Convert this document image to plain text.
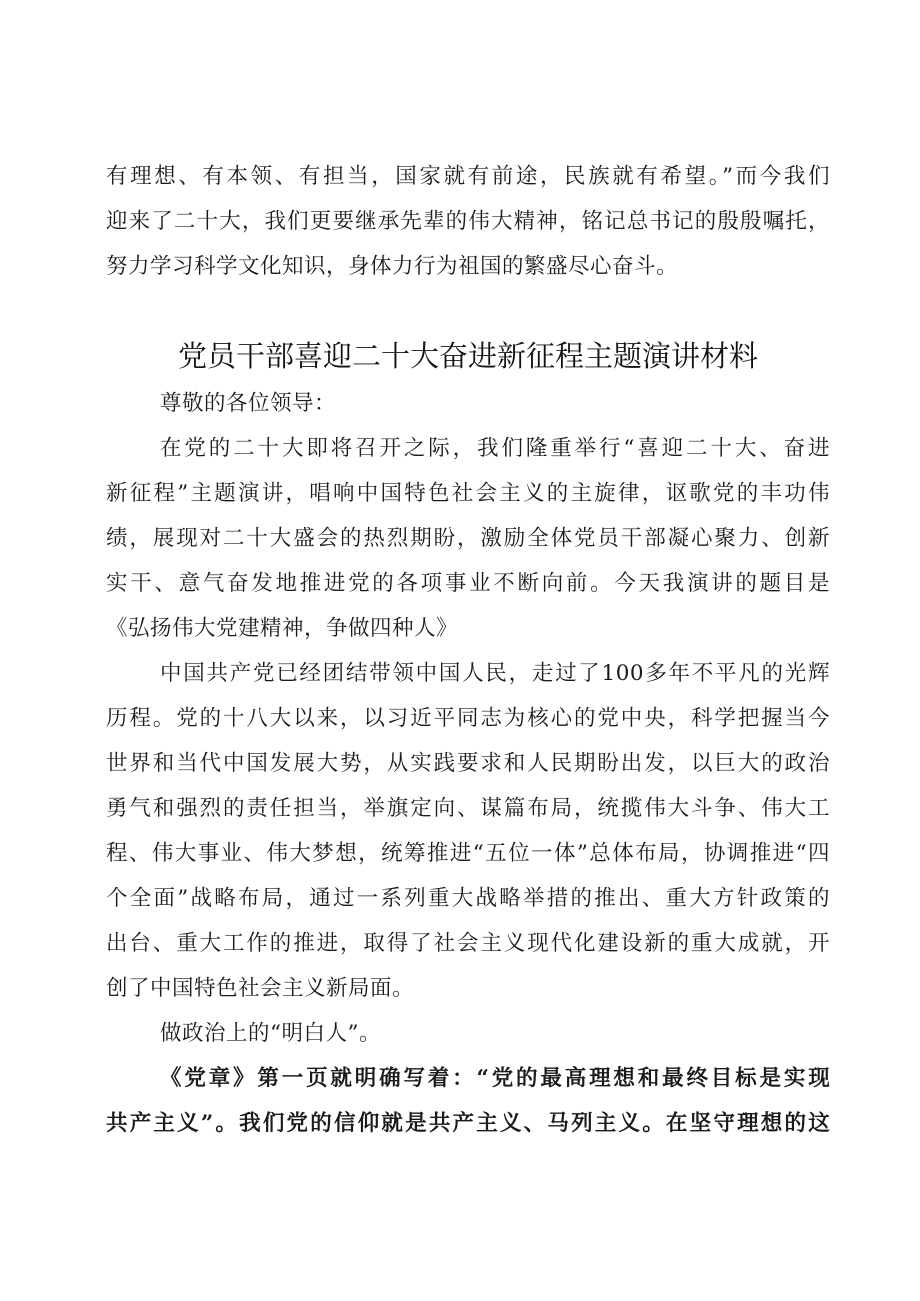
有理想、有本领、有担当，国家就有前途，民族就有希望。”而今我们
迎来了二十大，我们更要继承先辈的伟大精神，铭记总书记的殷殷嘱托，
努力学习科学文化知识，身体力行为祖国的繁盛尽心奋斗。
党员干部喜迎二十大奋进新征程主题演讲材料
尊敬的各位领导：
在党的二十大即将召开之际，我们隆重举行“喜迎二十大、奋进
新征程”主题演讲，唱响中国特色社会主义的主旋律，讴歌党的丰功伟
绩，展现对二十大盛会的热烈期盼，激励全体党员干部凝心聚力、创新
实干、意气奋发地推进党的各项事业不断向前。今天我演讲的题目是
《弘扬伟大党建精神，争做四种人》
中国共产党已经团结带领中国人民，走过了100多年不平凡的光辉
历程。党的十八大以来，以习近平同志为核心的党中央，科学把握当今
世界和当代中国发展大势，从实践要求和人民期盼出发，以巨大的政治
勇气和强烈的责任担当，举旗定向、谋篇布局，统揽伟大斗争、伟大工
程、伟大事业、伟大梦想，统筹推进“五位一体”总体布局，协调推进“四
个全面”战略布局，通过一系列重大战略举措的推出、重大方针政策的
出台、重大工作的推进，取得了社会主义现代化建设新的重大成就，开
创了中国特色社会主义新局面。
做政治上的“明白人”。
《党章》第一页就明确写着：“党的最高理想和最终目标是实现
共产主义”。我们党的信仰就是共产主义、马列主义。在坚守理想的这
